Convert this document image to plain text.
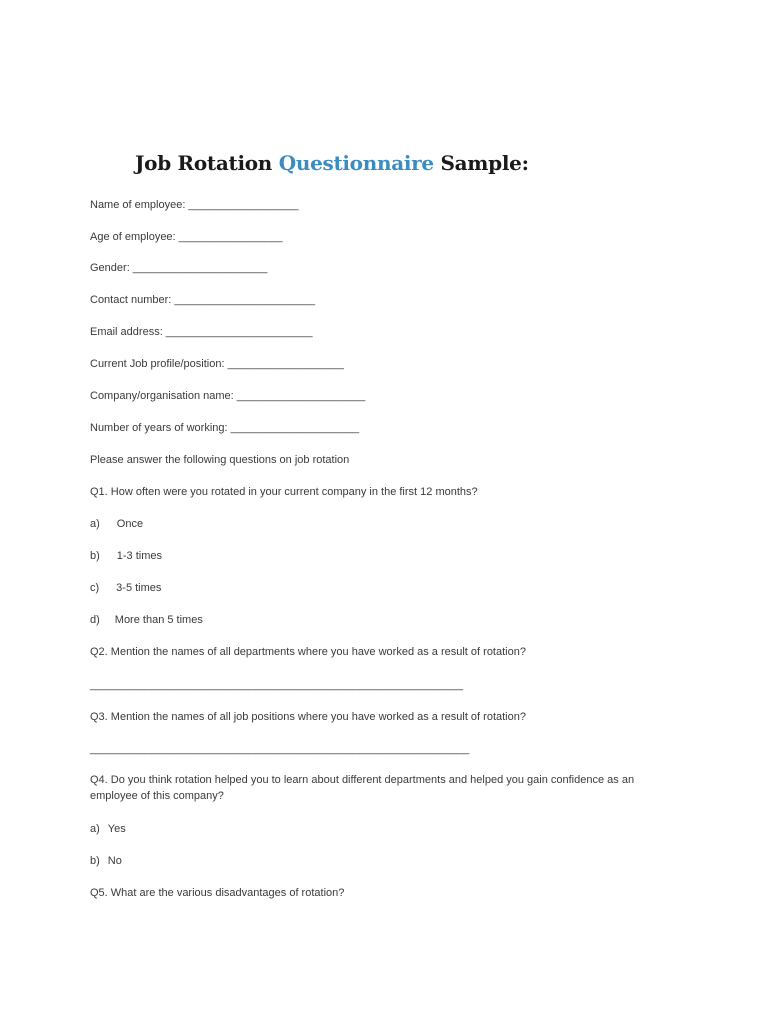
Job Rotation Questionnaire Sample:

Name of employee: __________________

Age of employee: _________________

Gender: ______________________

Contact number: _______________________

Email address: ________________________

Current Job profile/position: ___________________

Company/organisation name: _____________________

Number of years of working: _____________________

Please answer the following questions on job rotation

Q1. How often were you rotated in your current company in the first 12 months?

a) Once

b) 1-3 times

c) 3-5 times

d) More than 5 times

Q2. Mention the names of all departments where you have worked as a result of rotation?

_____________________________________________________________

Q3. Mention the names of all job positions where you have worked as a result of rotation?

______________________________________________________________

Q4. Do you think rotation helped you to learn about different departments and helped you gain confidence as an employee of this company?

a) Yes

b) No

Q5. What are the various disadvantages of rotation?
